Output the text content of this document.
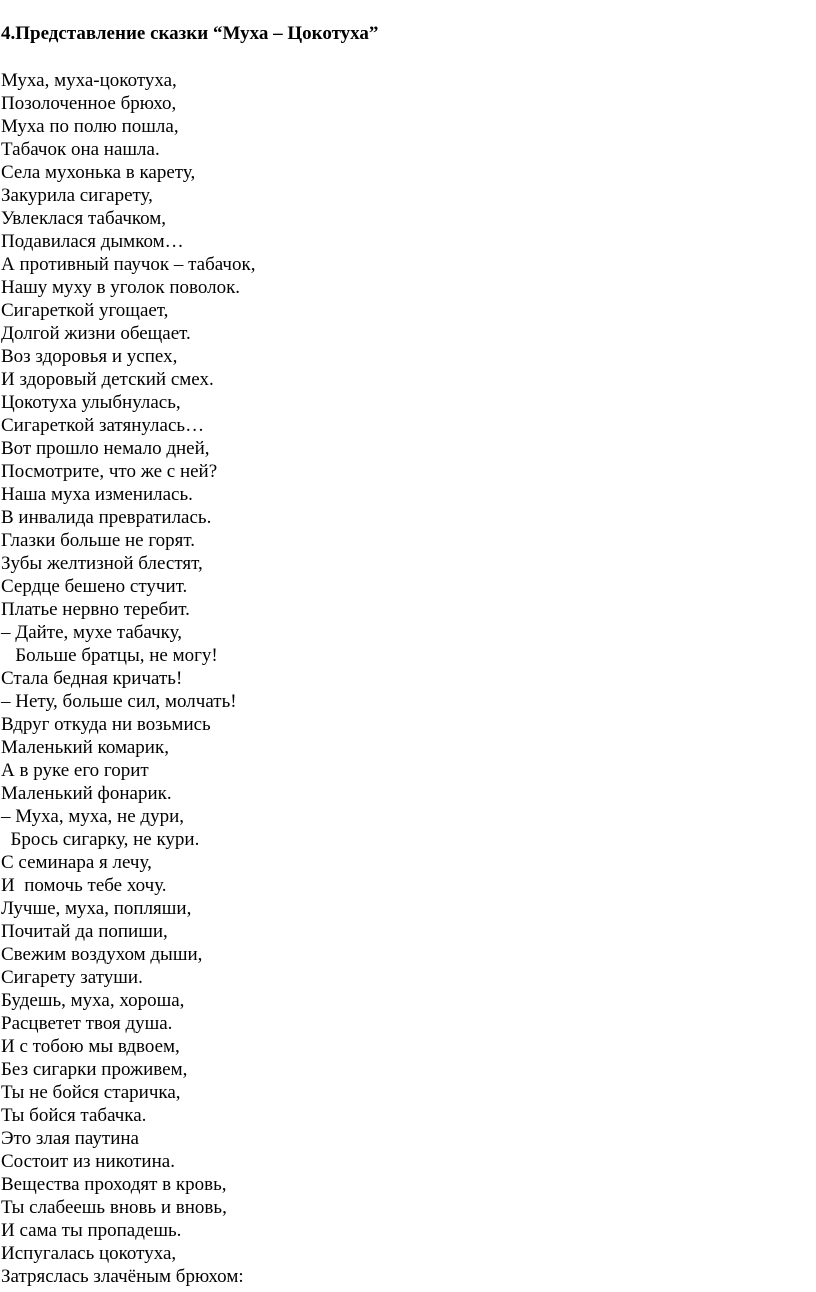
4.Представление сказки “Муха – Цокотуха”
Муха, муха-цокотуха,
Позолоченное брюхо,
Муха по полю пошла,
Табачок она нашла.
Села мухонька в карету,
Закурила сигарету,
Увлеклася табачком,
Подавилася дымком…
А противный паучок – табачок,
Нашу муху в уголок поволок.
Сигареткой угощает,
Долгой жизни обещает.
Воз здоровья и успех,
И здоровый детский смех.
Цокотуха улыбнулась,
Сигареткой затянулась…
Вот прошло немало дней,
Посмотрите, что же с ней?
Наша муха изменилась.
В инвалида превратилась.
Глазки больше не горят.
Зубы желтизной блестят,
Сердце бешено стучит.
Платье нервно теребит.
– Дайте, мухе табачку,
Больше братцы, не могу!
Стала бедная кричать!
– Нету, больше сил, молчать!
Вдруг откуда ни возьмись
Маленький комарик,
А в руке его горит
Маленький фонарик.
– Муха, муха, не дури,
Брось сигарку, не кури.
С семинара я лечу,
И  помочь тебе хочу.
Лучше, муха, попляши,
Почитай да попиши,
Свежим воздухом дыши,
Сигарету затуши.
Будешь, муха, хороша,
Расцветет твоя душа.
И с тобою мы вдвоем,
Без сигарки проживем,
Ты не бойся старичка,
Ты бойся табачка.
Это злая паутина
Состоит из никотина.
Вещества проходят в кровь,
Ты слабеешь вновь и вновь,
И сама ты пропадешь.
Испугалась цокотуха,
Затряслась злачёным брюхом:
